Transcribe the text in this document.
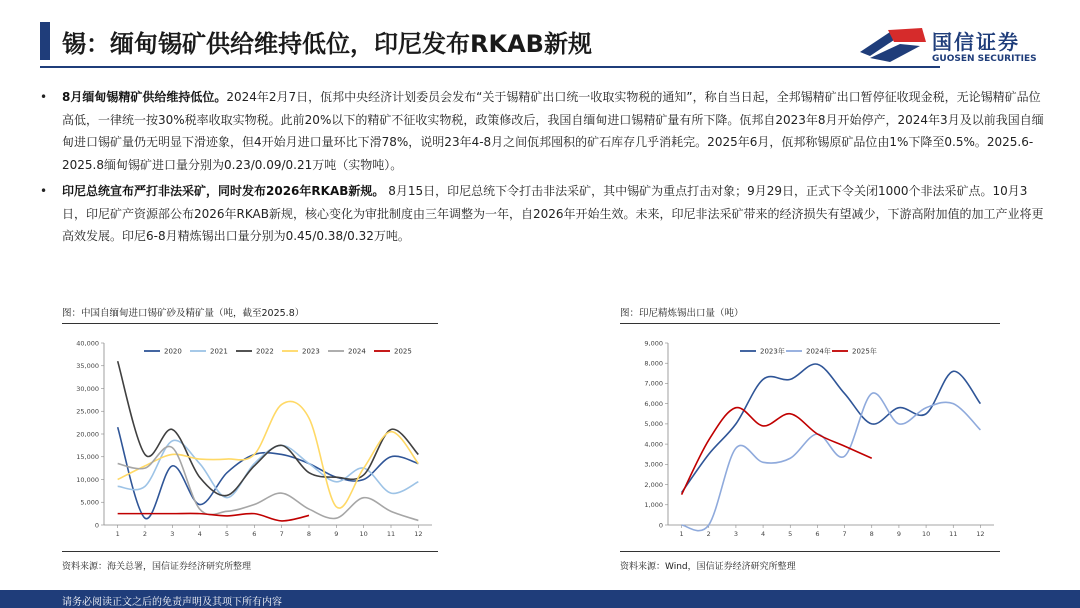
锡：缅甸锡矿供给维持低位，印尼发布RKAB新规	国信证券
GUOSEN SECURITIES
• 8月缅甸锡精矿供给维持低位。2024年2月7日，佤邦中央经济计划委员会发布“关于锡精矿出口统一收取实物税的通知”，称自当日起，全邦锡精矿出口暂停征收现金税，无论锡精矿品位高低，一律统一按30%税率收取实物税。此前20%以下的精矿不征收实物税，政策修改后，我国自缅甸进口锡精矿量有所下降。佤邦自2023年8月开始停产，2024年3月及以前我国自缅甸进口锡矿量仍无明显下滑迹象，但4开始月进口量环比下滑78%，说明23年4-8月之间佤邦囤积的矿石库存几乎消耗完。2025年6月，佤邦称锡原矿品位由1%下降至0.5%。2025.6-2025.8缅甸锡矿进口量分别为0.23/0.09/0.21万吨（实物吨）。
• 印尼总统宣布严打非法采矿，同时发布2026年RKAB新规。 8月15日，印尼总统下令打击非法采矿，其中锡矿为重点打击对象；9月29日，正式下令关闭1000个非法采矿点。10月3日，印尼矿产资源部公布2026年RKAB新规，核心变化为审批制度由三年调整为一年，自2026年开始生效。未来，印尼非法采矿带来的经济损失有望减少，下游高附加值的加工产业将更高效发展。印尼6-8月精炼锡出口量分别为0.45/0.38/0.32万吨。
图：中国自缅甸进口锡矿砂及精矿量（吨，截至2025.8）
0
5,000
10,000
15,000
20,000
25,000
30,000
35,000
40,000
1	2	3	4	5	6	7	8	9	10	11	12
2020	2021	2022	2023	2024	2025
资料来源：海关总署，国信证券经济研究所整理
图：印尼精炼锡出口量（吨）
0
1,000
2,000
3,000
4,000
5,000
6,000
7,000
8,000
9,000
1	2	3	4	5	6	7	8	9	10	11	12
2023年	2024年	2025年
资料来源：Wind，国信证券经济研究所整理
请务必阅读正文之后的免责声明及其项下所有内容
